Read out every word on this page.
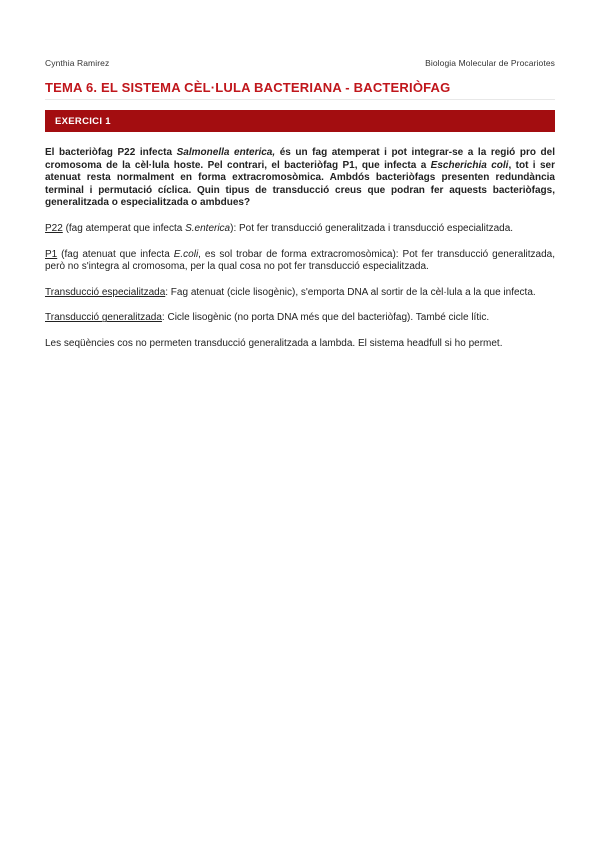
Cynthia Ramirez	Biologia Molecular de Procariotes
TEMA 6. EL SISTEMA CÈL·LULA BACTERIANA - BACTERIÒFAG
EXERCICI 1

El bacteriòfag P22 infecta Salmonella enterica, és un fag atemperat i pot integrar-se a la regió pro del cromosoma de la cèl·lula hoste. Pel contrari, el bacteriòfag P1, que infecta a Escherichia coli, tot i ser atenuat resta normalment en forma extracromosòmica. Ambdós bacteriòfags presenten redundància terminal i permutació cíclica. Quin tipus de transducció creus que podran fer aquests bacteriòfags, generalitzada o especialitzada o ambdues?

P22 (fag atemperat que infecta S.enterica): Pot fer transducció generalitzada i transducció especialitzada.

P1 (fag atenuat que infecta E.coli, es sol trobar de forma extracromosòmica): Pot fer transducció generalitzada, però no s'integra al cromosoma, per la qual cosa no pot fer transducció especialitzada.

Transducció especialitzada: Fag atenuat (cicle lisogènic), s'emporta DNA al sortir de la cèl·lula a la que infecta.

Transducció generalitzada: Cicle lisogènic (no porta DNA més que del bacteriòfag). També cicle lític.

Les seqüències cos no permeten transducció generalitzada a lambda. El sistema headfull si ho permet.
